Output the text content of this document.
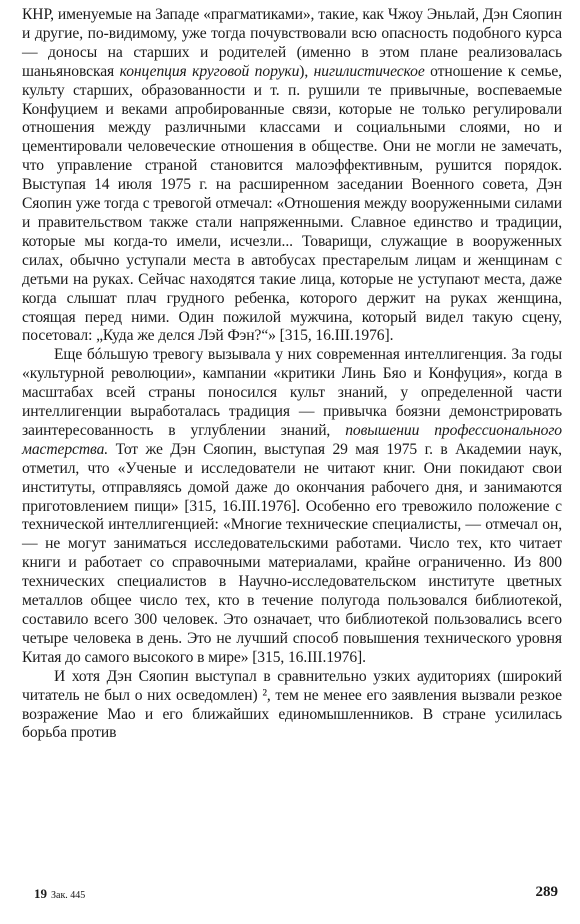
КНР, именуемые на Западе «прагматиками», такие, как Чжоу Эньлай, Дэн Сяопин и другие, по-видимому, уже тогда почувствовали всю опасность подобного курса — доносы на старших и родителей (именно в этом плане реализовалась шаньяновская концепция круговой поруки), нигилистическое отношение к семье, культу старших, образованности и т. п. рушили те привычные, воспеваемые Конфуцием и веками апробированные связи, которые не только регулировали отношения между различными классами и социальными слоями, но и цементировали человеческие отношения в обществе. Они не могли не замечать, что управление страной становится малоэффективным, рушится порядок. Выступая 14 июля 1975 г. на расширенном заседании Военного совета, Дэн Сяопин уже тогда с тревогой отмечал: «Отношения между вооруженными силами и правительством также стали напряженными. Славное единство и традиции, которые мы когда-то имели, исчезли... Товарищи, служащие в вооруженных силах, обычно уступали места в автобусах престарелым лицам и женщинам с детьми на руках. Сейчас находятся такие лица, которые не уступают места, даже когда слышат плач грудного ребенка, которого держит на руках женщина, стоящая перед ними. Один пожилой мужчина, который видел такую сцену, посетовал: „Куда же делся Лэй Фэн?“» [315, 16.III.1976].

Еще бóльшую тревогу вызывала у них современная интеллигенция. За годы «культурной революции», кампании «критики Линь Бяо и Конфуция», когда в масштабах всей страны поносился культ знаний, у определенной части интеллигенции выработалась традиция — привычка боязни демонстрировать заинтересованность в углублении знаний, повышении профессионального мастерства. Тот же Дэн Сяопин, выступая 29 мая 1975 г. в Академии наук, отметил, что «Ученые и исследователи не читают книг. Они покидают свои институты, отправляясь домой даже до окончания рабочего дня, и занимаются приготовлением пищи» [315, 16.III.1976]. Особенно его тревожило положение с технической интеллигенцией: «Многие технические специалисты, — отмечал он, — не могут заниматься исследовательскими работами. Число тех, кто читает книги и работает со справочными материалами, крайне ограниченно. Из 800 технических специалистов в Научно-исследовательском институте цветных металлов общее число тех, кто в течение полугода пользовался библиотекой, составило всего 300 человек. Это означает, что библиотекой пользовались всего четыре человека в день. Это не лучший способ повышения технического уровня Китая до самого высокого в мире» [315, 16.III.1976].

И хотя Дэн Сяопин выступал в сравнительно узких аудиториях (широкий читатель не был о них осведомлен) ², тем не менее его заявления вызвали резкое возражение Мао и его ближайших единомышленников. В стране усилилась борьба против

19 Зак. 445	289
